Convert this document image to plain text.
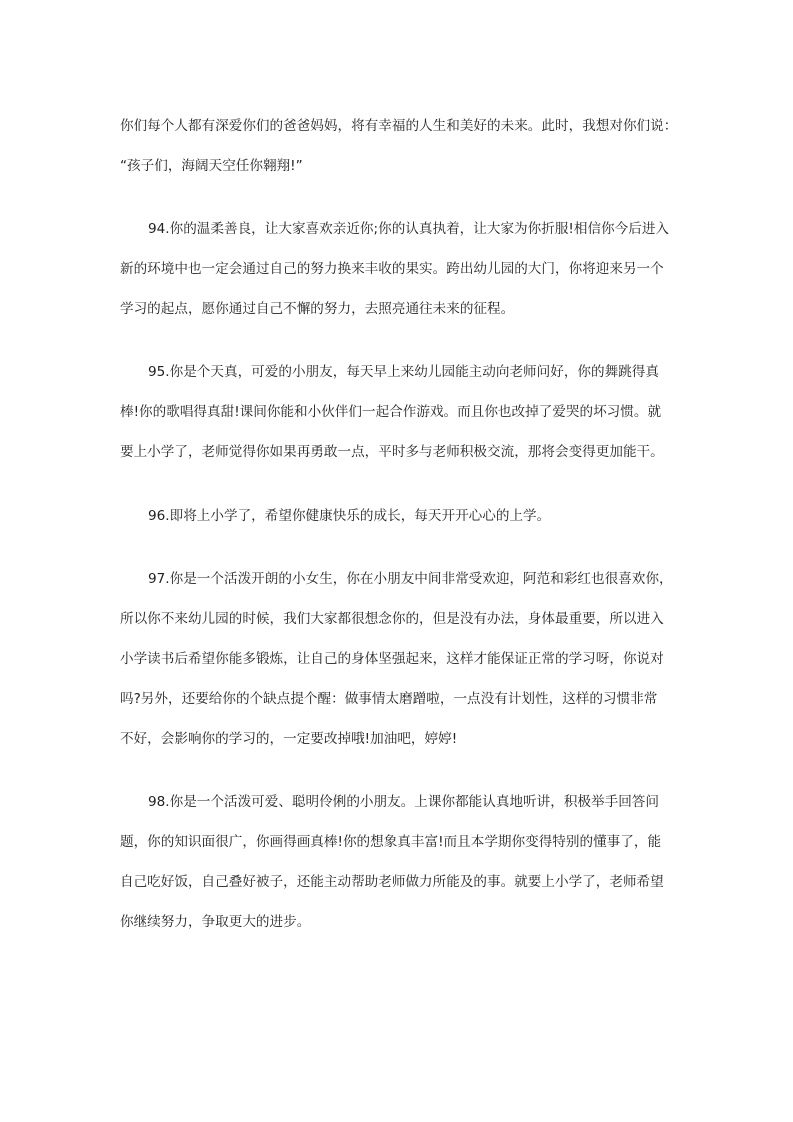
你们每个人都有深爱你们的爸爸妈妈，将有幸福的人生和美好的未来。此时，我想对你们说：
“孩子们，海阔天空任你翱翔!”
94.你的温柔善良，让大家喜欢亲近你;你的认真执着，让大家为你折服!相信你今后进入
新的环境中也一定会通过自己的努力换来丰收的果实。跨出幼儿园的大门，你将迎来另一个
学习的起点，愿你通过自己不懈的努力，去照亮通往未来的征程。
95.你是个天真，可爱的小朋友，每天早上来幼儿园能主动向老师问好，你的舞跳得真
棒!你的歌唱得真甜!课间你能和小伙伴们一起合作游戏。而且你也改掉了爱哭的坏习惯。就
要上小学了，老师觉得你如果再勇敢一点，平时多与老师积极交流，那将会变得更加能干。
96.即将上小学了，希望你健康快乐的成长，每天开开心心的上学。
97.你是一个活泼开朗的小女生，你在小朋友中间非常受欢迎，阿范和彩红也很喜欢你，
所以你不来幼儿园的时候，我们大家都很想念你的，但是没有办法，身体最重要，所以进入
小学读书后希望你能多锻炼，让自己的身体坚强起来，这样才能保证正常的学习呀，你说对
吗?另外，还要给你的个缺点提个醒：做事情太磨蹭啦，一点没有计划性，这样的习惯非常
不好，会影响你的学习的，一定要改掉哦!加油吧，婷婷!
98.你是一个活泼可爱、聪明伶俐的小朋友。上课你都能认真地听讲，积极举手回答问
题，你的知识面很广，你画得画真棒!你的想象真丰富!而且本学期你变得特别的懂事了，能
自己吃好饭，自己叠好被子，还能主动帮助老师做力所能及的事。就要上小学了，老师希望
你继续努力，争取更大的进步。
